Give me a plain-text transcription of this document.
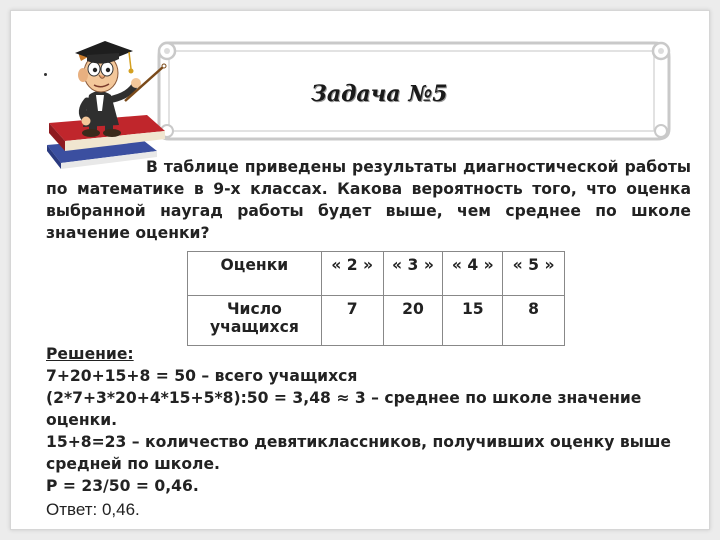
Задача №5
В таблице приведены результаты диагностической работы по математике в 9-х классах. Какова вероятность того, что оценка выбранной наугад работы будет выше, чем среднее по школе значение оценки?
Оценки	« 2 »	« 3 »	« 4 »	« 5 »
Число учащихся	7	20	15	8
Решение:
7+20+15+8 = 50 – всего учащихся
(2*7+3*20+4*15+5*8):50 = 3,48 ≈ 3 – среднее по школе значение оценки.
15+8=23 – количество девятиклассников, получивших оценку выше средней по школе.
P = 23/50 = 0,46.
Ответ: 0,46.
